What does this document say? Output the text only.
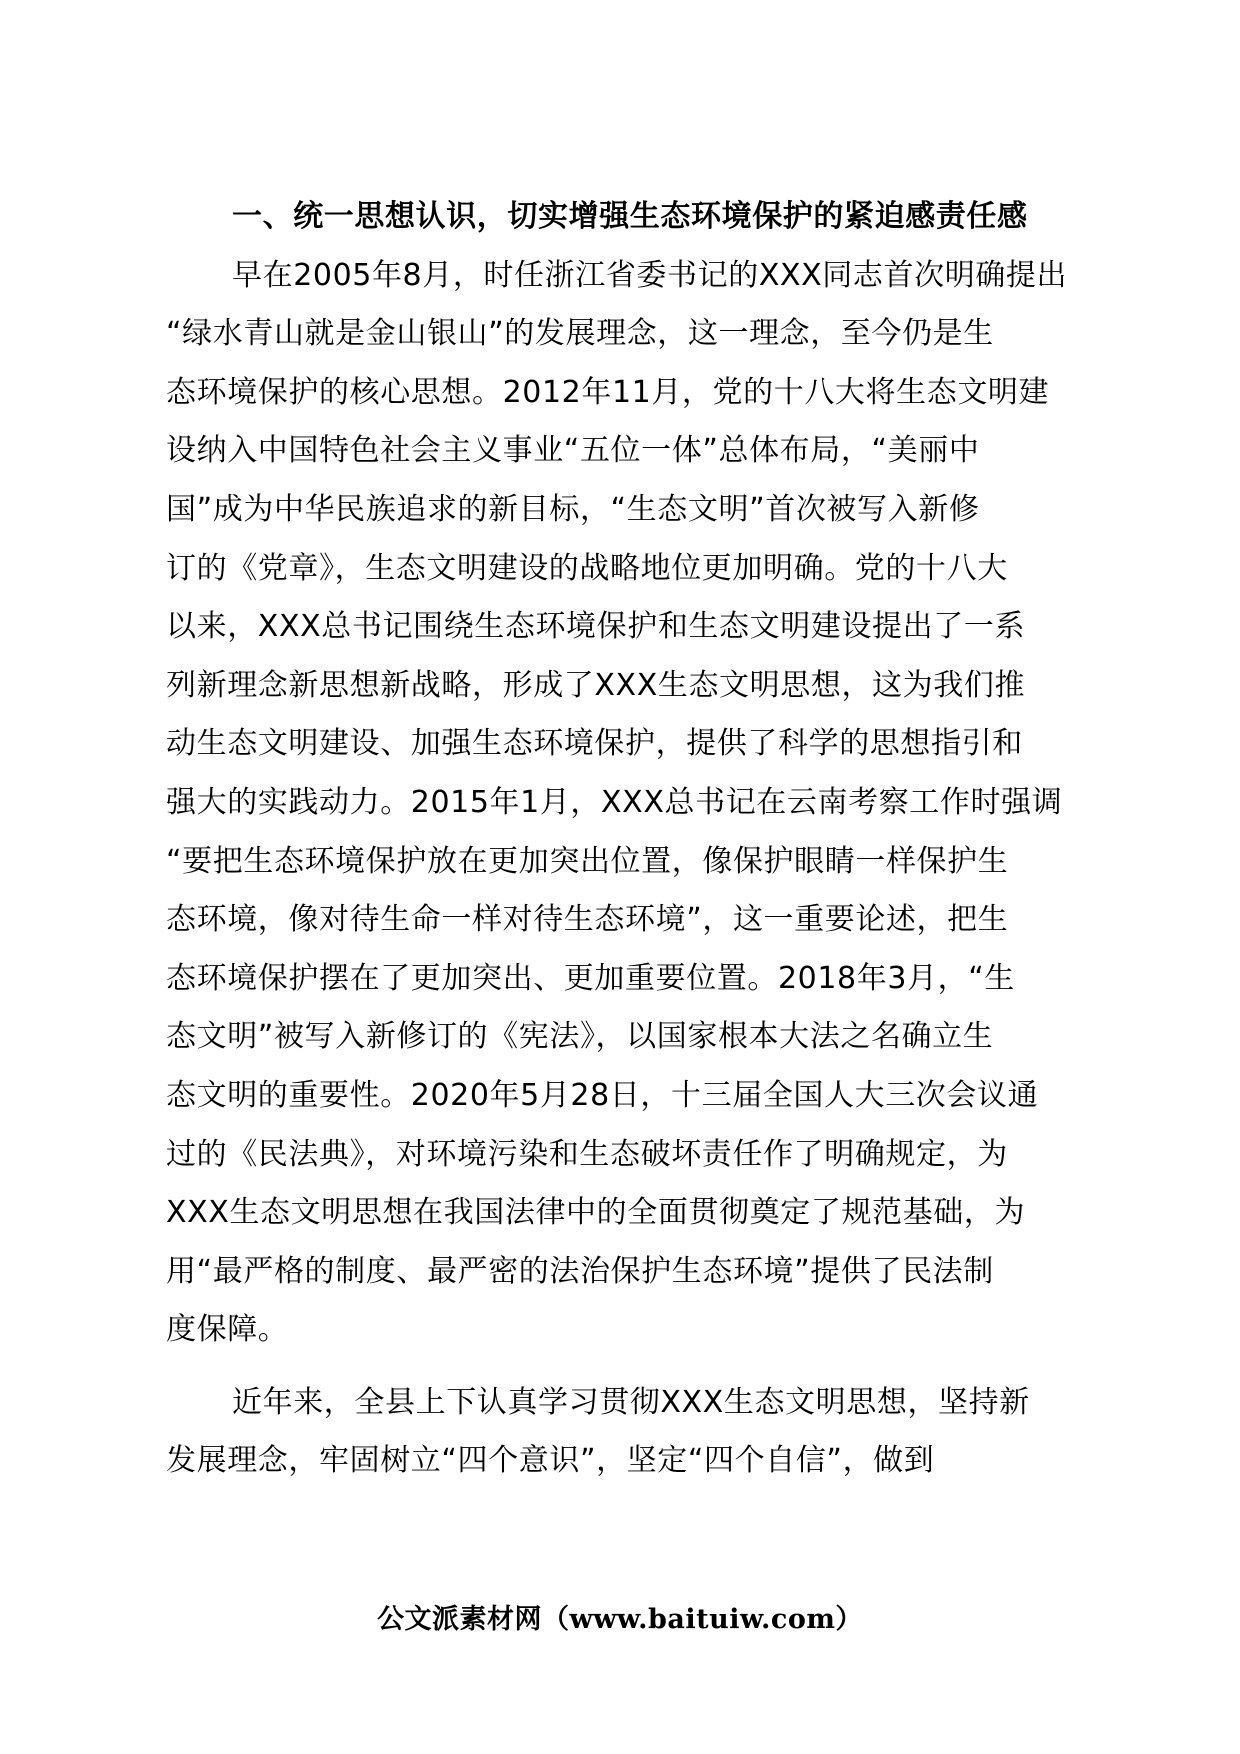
一、统一思想认识，切实增强生态环境保护的紧迫感责任感
早在2005年8月，时任浙江省委书记的XXX同志首次明确提出
“绿水青山就是金山银山”的发展理念，这一理念，至今仍是生
态环境保护的核心思想。2012年11月，党的十八大将生态文明建
设纳入中国特色社会主义事业“五位一体”总体布局，“美丽中
国”成为中华民族追求的新目标，“生态文明”首次被写入新修
订的《党章》，生态文明建设的战略地位更加明确。党的十八大
以来，XXX总书记围绕生态环境保护和生态文明建设提出了一系
列新理念新思想新战略，形成了XXX生态文明思想，这为我们推
动生态文明建设、加强生态环境保护，提供了科学的思想指引和
强大的实践动力。2015年1月，XXX总书记在云南考察工作时强调
“要把生态环境保护放在更加突出位置，像保护眼睛一样保护生
态环境，像对待生命一样对待生态环境”，这一重要论述，把生
态环境保护摆在了更加突出、更加重要位置。2018年3月，“生
态文明”被写入新修订的《宪法》，以国家根本大法之名确立生
态文明的重要性。2020年5月28日，十三届全国人大三次会议通
过的《民法典》，对环境污染和生态破坏责任作了明确规定，为
XXX生态文明思想在我国法律中的全面贯彻奠定了规范基础，为
用“最严格的制度、最严密的法治保护生态环境”提供了民法制
度保障。
近年来，全县上下认真学习贯彻XXX生态文明思想，坚持新
发展理念，牢固树立“四个意识”，坚定“四个自信”，做到
公文派素材网（www.baituiw.com）
